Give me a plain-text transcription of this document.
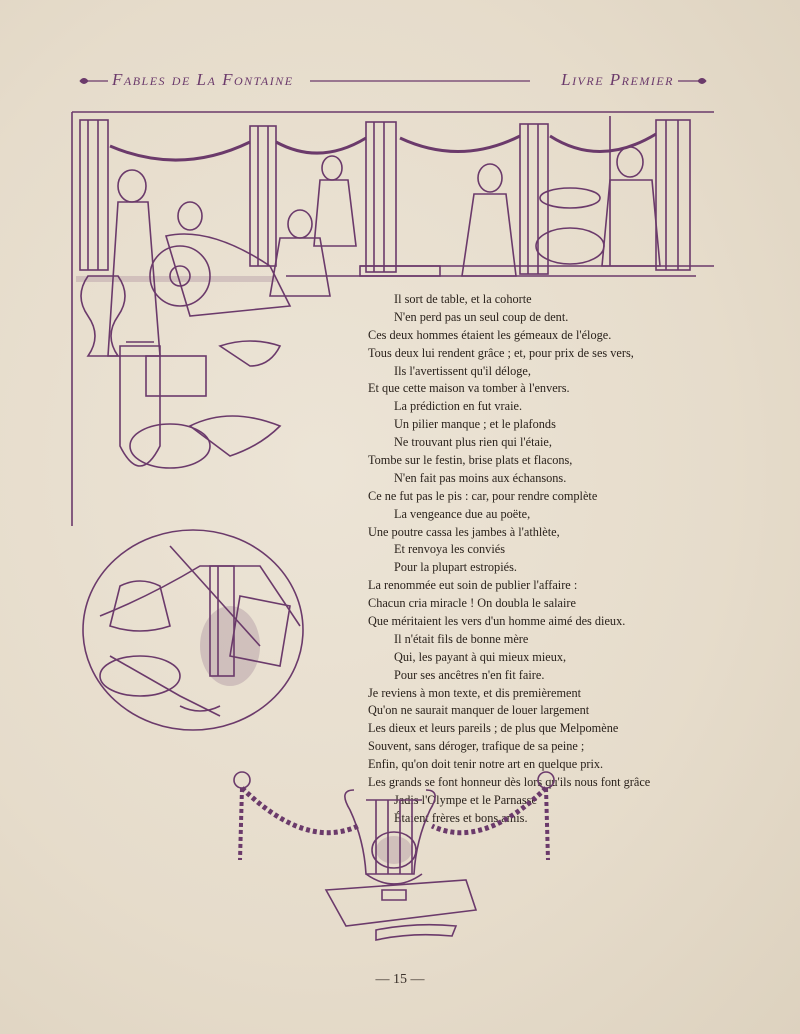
Fables de La Fontaine	Livre Premier
Il sort de table, et la cohorte
N'en perd pas un seul coup de dent.
Ces deux hommes étaient les gémeaux de l'éloge.
Tous deux lui rendent grâce ; et, pour prix de ses vers,
Ils l'avertissent qu'il déloge,
Et que cette maison va tomber à l'envers.
La prédiction en fut vraie.
Un pilier manque ; et le plafonds
Ne trouvant plus rien qui l'étaie,
Tombe sur le festin, brise plats et flacons,
N'en fait pas moins aux échansons.
Ce ne fut pas le pis : car, pour rendre complète
La vengeance due au poëte,
Une poutre cassa les jambes à l'athlète,
Et renvoya les conviés
Pour la plupart estropiés.
La renommée eut soin de publier l'affaire :
Chacun cria miracle ! On doubla le salaire
Que méritaient les vers d'un homme aimé des dieux.
Il n'était fils de bonne mère
Qui, les payant à qui mieux mieux,
Pour ses ancêtres n'en fit faire.
Je reviens à mon texte, et dis premièrement
Qu'on ne saurait manquer de louer largement
Les dieux et leurs pareils ; de plus que Melpomène
Souvent, sans déroger, trafique de sa peine ;
Enfin, qu'on doit tenir notre art en quelque prix.
Les grands se font honneur dès lors qu'ils nous font grâce
Jadis l'Olympe et le Parnasse
Étaient frères et bons amis.
— 15 —
